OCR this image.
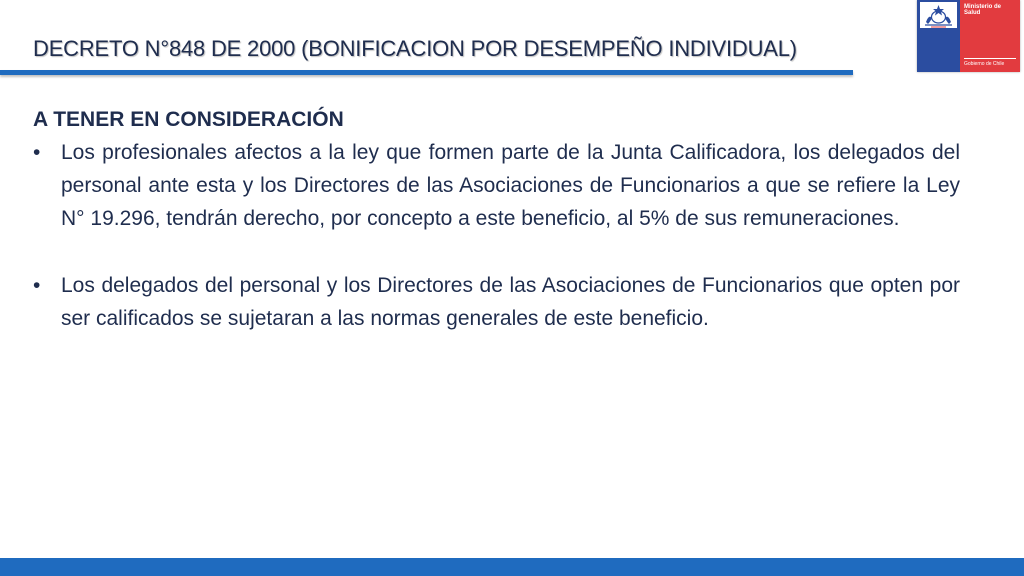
DECRETO N°848 DE 2000 (BONIFICACION POR DESEMPEÑO INDIVIDUAL)
Ministerio de
Salud
Gobierno de Chile

A TENER EN CONSIDERACIÓN

• Los profesionales afectos a la ley que formen parte de la Junta Calificadora, los delegados del personal ante esta y los Directores de las Asociaciones de Funcionarios a que se refiere la Ley N° 19.296, tendrán derecho, por concepto a este beneficio, al 5% de sus remuneraciones.
• Los delegados del personal y los Directores de las Asociaciones de Funcionarios que opten por ser calificados se sujetaran a las normas generales de este beneficio.
